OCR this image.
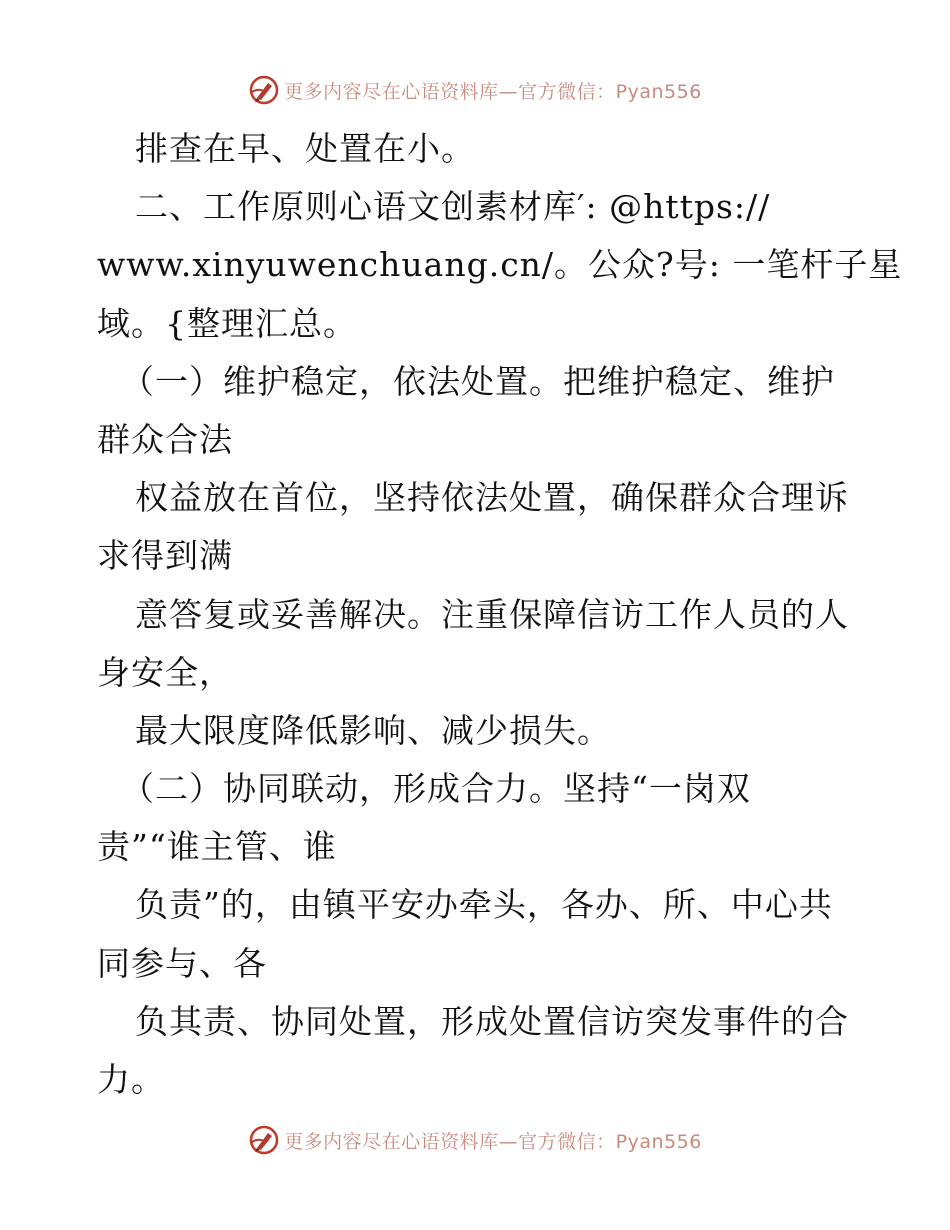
更多内容尽在心语资料库—官方微信：Pyan556
排查在早、处置在小。
二、工作原则心语文创素材库′: @https://
www.xinyuwenchuang.cn/。公众?号: 一笔杆子星
域。{整理汇总。
（一）维护稳定，依法处置。把维护稳定、维护
群众合法
权益放在首位，坚持依法处置，确保群众合理诉
求得到满
意答复或妥善解决。注重保障信访工作人员的人
身安全，
最大限度降低影响、减少损失。
（二）协同联动，形成合力。坚持“一岗双
责”“谁主管、谁
负责”的，由镇平安办牵头，各办、所、中心共
同参与、各
负其责、协同处置，形成处置信访突发事件的合
力。
更多内容尽在心语资料库—官方微信：Pyan556
